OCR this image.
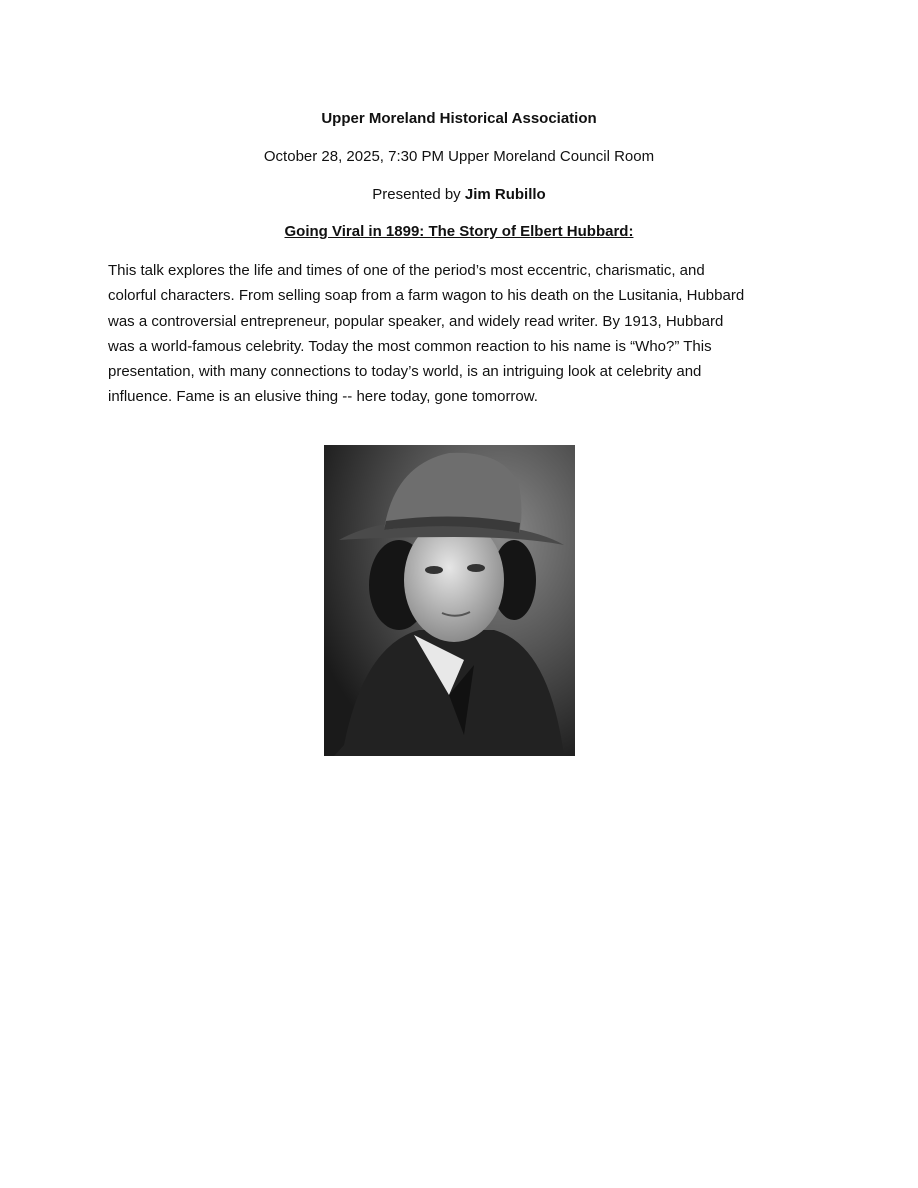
Upper Moreland Historical Association
October 28, 2025, 7:30 PM Upper Moreland Council Room
Presented by Jim Rubillo
Going Viral in 1899: The Story of Elbert Hubbard:
This talk explores the life and times of one of the period’s most eccentric, charismatic, and
colorful characters. From selling soap from a farm wagon to his death on the Lusitania, Hubbard
was a controversial entrepreneur, popular speaker, and widely read writer. By 1913, Hubbard
was a world-famous celebrity. Today the most common reaction to his name is “Who?” This
presentation, with many connections to today’s world, is an intriguing look at celebrity and
influence. Fame is an elusive thing -- here today, gone tomorrow.
